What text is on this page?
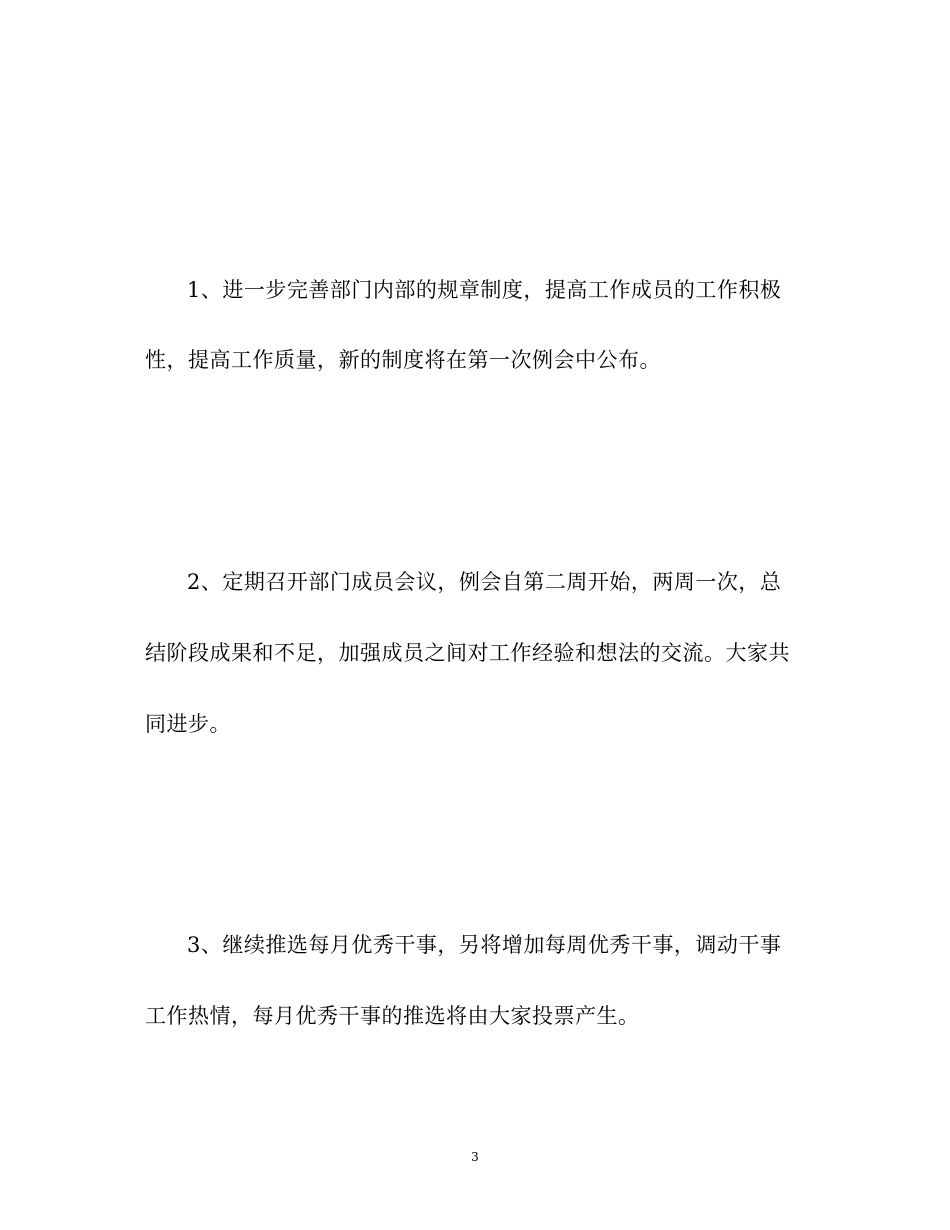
1、进一步完善部门内部的规章制度，提高工作成员的工作积极
性，提高工作质量，新的制度将在第一次例会中公布。
2、定期召开部门成员会议，例会自第二周开始，两周一次，总
结阶段成果和不足，加强成员之间对工作经验和想法的交流。大家共
同进步。
3、继续推选每月优秀干事，另将增加每周优秀干事，调动干事
工作热情，每月优秀干事的推选将由大家投票产生。
3
